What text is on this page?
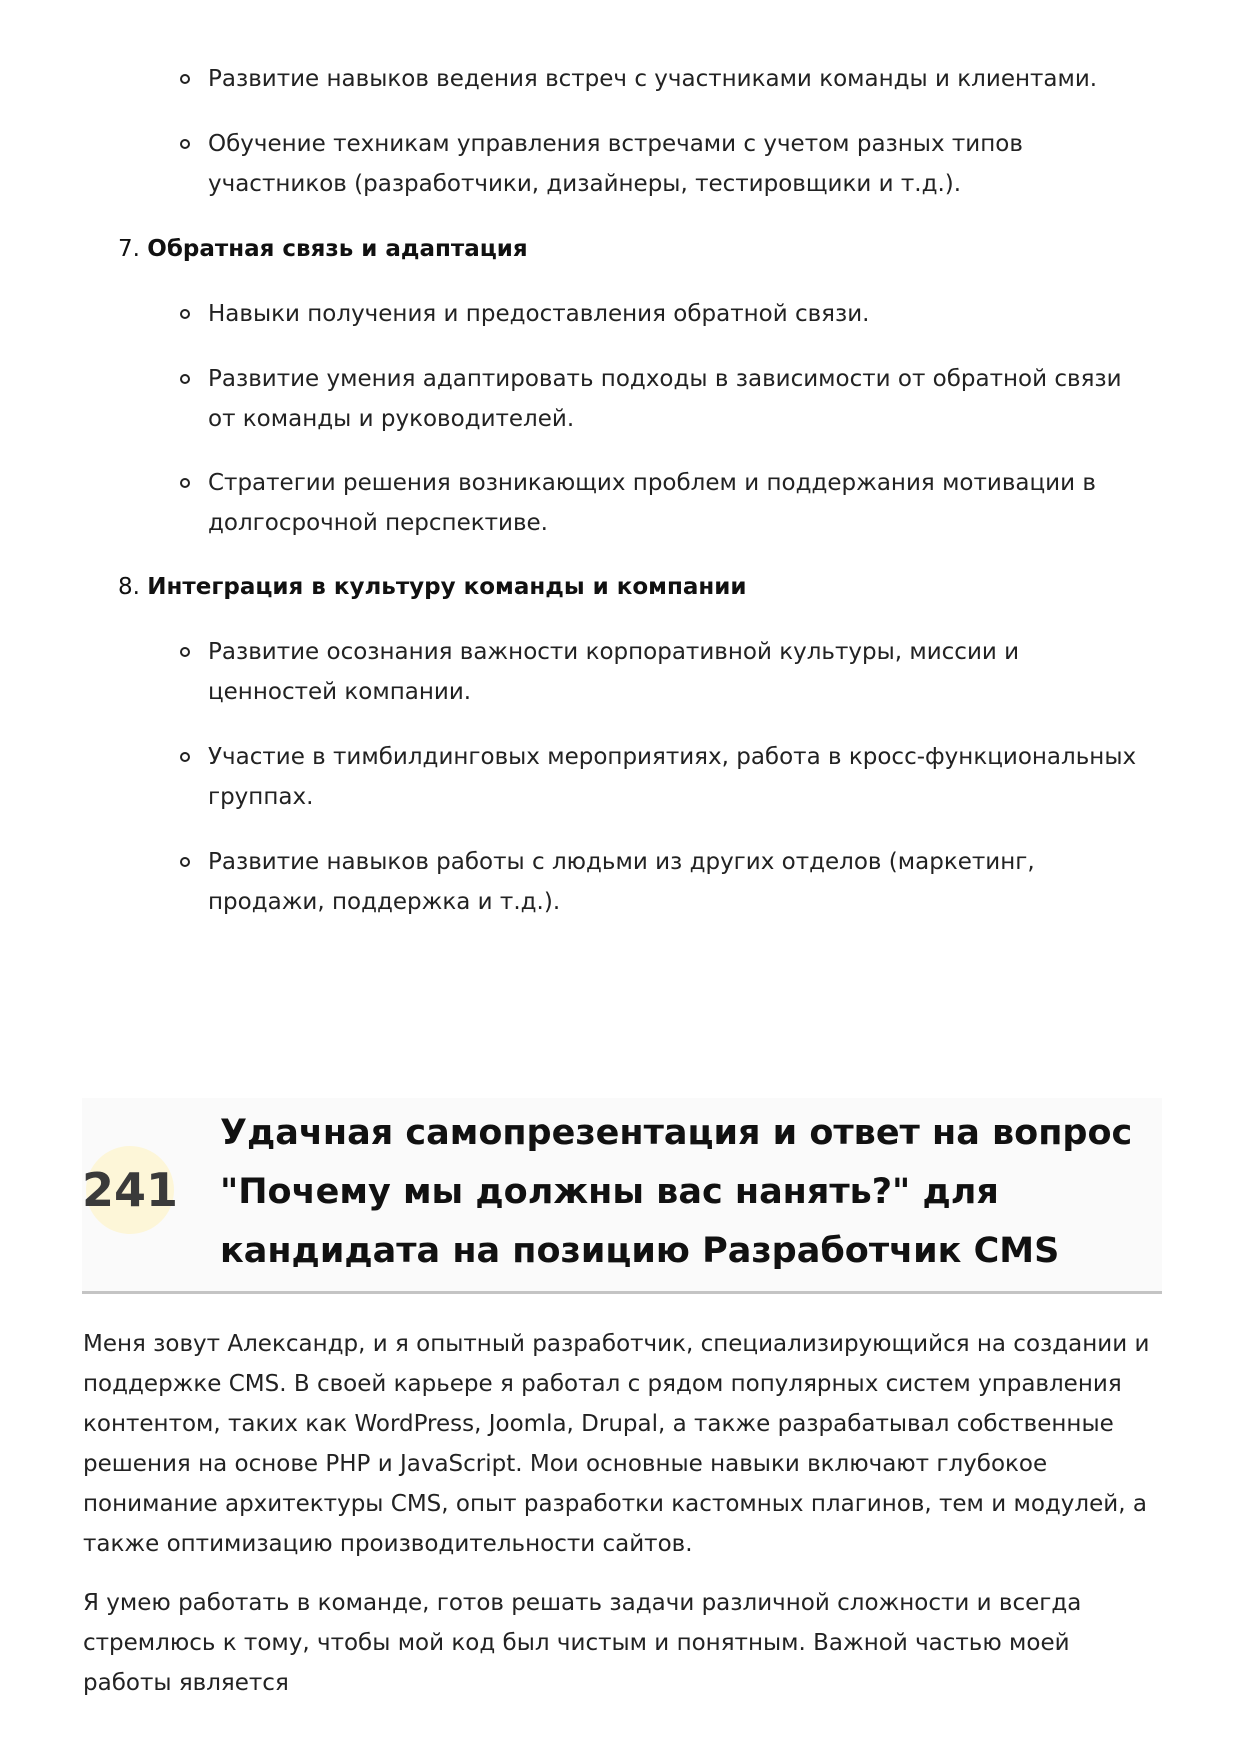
Развитие навыков ведения встреч с участниками команды и клиентами.
Обучение техникам управления встречами с учетом разных типов участников (разработчики, дизайнеры, тестировщики и т.д.).
7. Обратная связь и адаптация
Навыки получения и предоставления обратной связи.
Развитие умения адаптировать подходы в зависимости от обратной связи от команды и руководителей.
Стратегии решения возникающих проблем и поддержания мотивации в долгосрочной перспективе.
8. Интеграция в культуру команды и компании
Развитие осознания важности корпоративной культуры, миссии и ценностей компании.
Участие в тимбилдинговых мероприятиях, работа в кросс-функциональных группах.
Развитие навыков работы с людьми из других отделов (маркетинг, продажи, поддержка и т.д.).
241
Удачная самопрезентация и ответ на вопрос "Почему мы должны вас нанять?" для кандидата на позицию Разработчик CMS
Меня зовут Александр, и я опытный разработчик, специализирующийся на создании и поддержке CMS. В своей карьере я работал с рядом популярных систем управления контентом, таких как WordPress, Joomla, Drupal, а также разрабатывал собственные решения на основе PHP и JavaScript. Мои основные навыки включают глубокое понимание архитектуры CMS, опыт разработки кастомных плагинов, тем и модулей, а также оптимизацию производительности сайтов.
Я умею работать в команде, готов решать задачи различной сложности и всегда стремлюсь к тому, чтобы мой код был чистым и понятным. Важной частью моей работы является
